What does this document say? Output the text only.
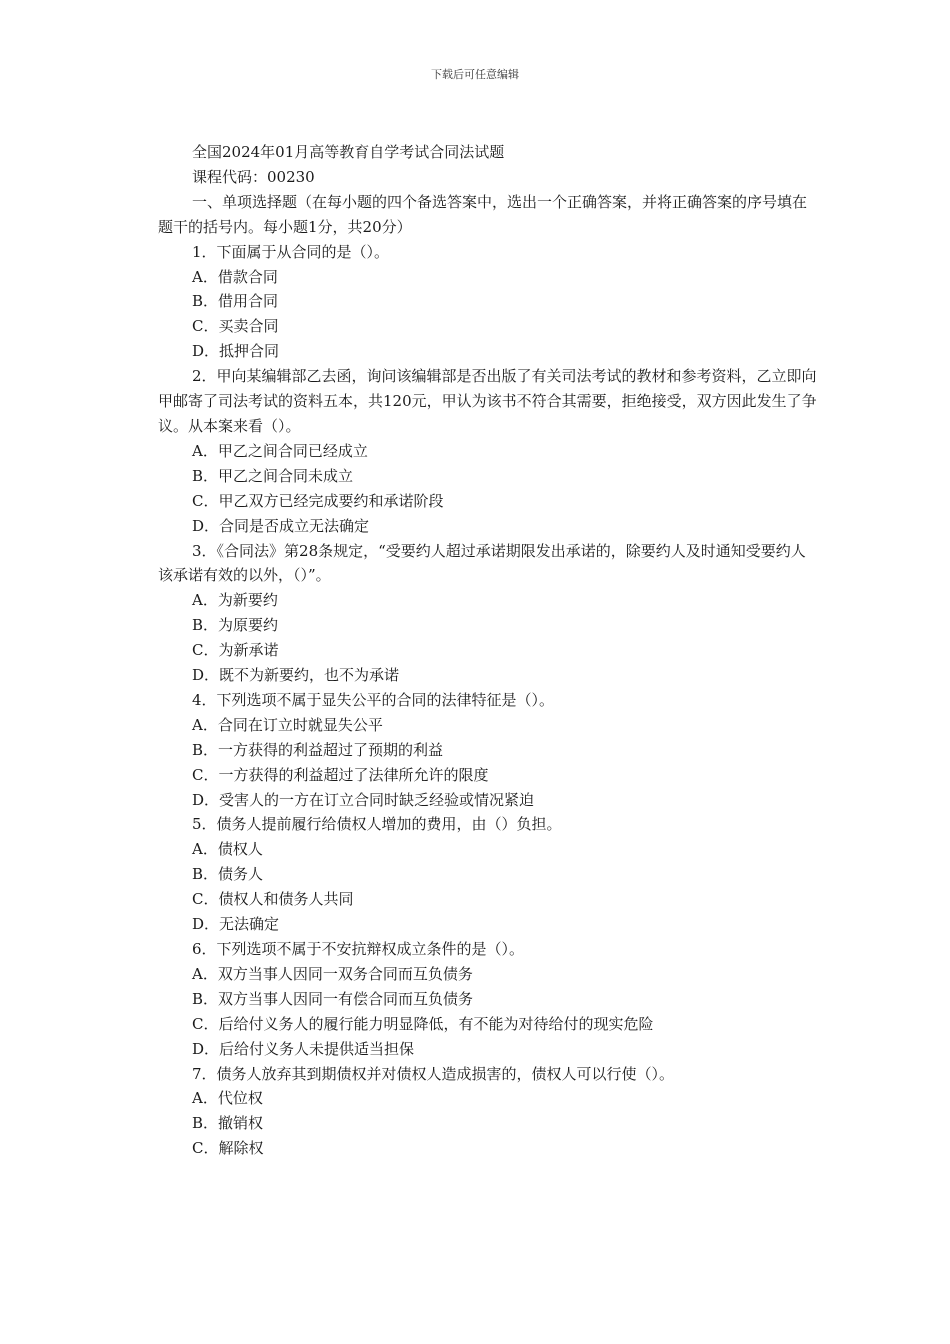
下载后可任意编辑

全国2024年01月高等教育自学考试合同法试题

课程代码：00230

一、单项选择题（在每小题的四个备选答案中，选出一个正确答案，并将正确答案的序号填在题干的括号内。每小题1分，共20分）

1．下面属于从合同的是（）。

A．借款合同

B．借用合同

C．买卖合同

D．抵押合同

2．甲向某编辑部乙去函，询问该编辑部是否出版了有关司法考试的教材和参考资料，乙立即向甲邮寄了司法考试的资料五本，共120元，甲认为该书不符合其需要，拒绝接受，双方因此发生了争议。从本案来看（）。

A．甲乙之间合同已经成立

B．甲乙之间合同未成立

C．甲乙双方已经完成要约和承诺阶段

D．合同是否成立无法确定

3．《合同法》第28条规定，“受要约人超过承诺期限发出承诺的，除要约人及时通知受要约人该承诺有效的以外，（）”。

A．为新要约

B．为原要约

C．为新承诺

D．既不为新要约，也不为承诺

4．下列选项不属于显失公平的合同的法律特征是（）。

A．合同在订立时就显失公平

B．一方获得的利益超过了预期的利益

C．一方获得的利益超过了法律所允许的限度

D．受害人的一方在订立合同时缺乏经验或情况紧迫

5．债务人提前履行给债权人增加的费用，由（）负担。

A．债权人

B．债务人

C．债权人和债务人共同

D．无法确定

6．下列选项不属于不安抗辩权成立条件的是（）。

A．双方当事人因同一双务合同而互负债务

B．双方当事人因同一有偿合同而互负债务

C．后给付义务人的履行能力明显降低，有不能为对待给付的现实危险

D．后给付义务人未提供适当担保

7．债务人放弃其到期债权并对债权人造成损害的，债权人可以行使（）。

A．代位权

B．撤销权

C．解除权
